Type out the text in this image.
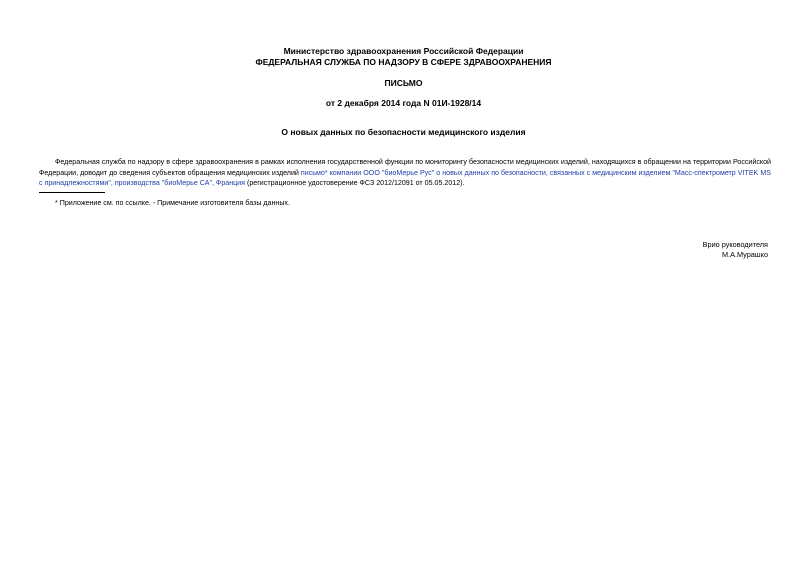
Министерство здравоохранения Российской Федерации
ФЕДЕРАЛЬНАЯ СЛУЖБА ПО НАДЗОРУ В СФЕРЕ ЗДРАВООХРАНЕНИЯ
ПИСЬМО
от 2 декабря 2014 года N 01И-1928/14
О новых данных по безопасности медицинского изделия
Федеральная служба по надзору в сфере здравоохранения в рамках исполнения государственной функции по мониторингу безопасности медицинских изделий, находящихся в обращении на территории Российской Федерации, доводит до сведения субъектов обращения медицинских изделий письмо* компании ООО "биоМерье Рус" о новых данных по безопасности, связанных с медицинским изделием "Масс-спектрометр VITEK MS с принадлежностями", производства "биоМерье СА", Франция (регистрационное удостоверение ФСЗ 2012/12091 от 05.05.2012).
* Приложение см. по ссылке. - Примечание изготовителя базы данных.
Врио руководителя
М.А.Мурашко
